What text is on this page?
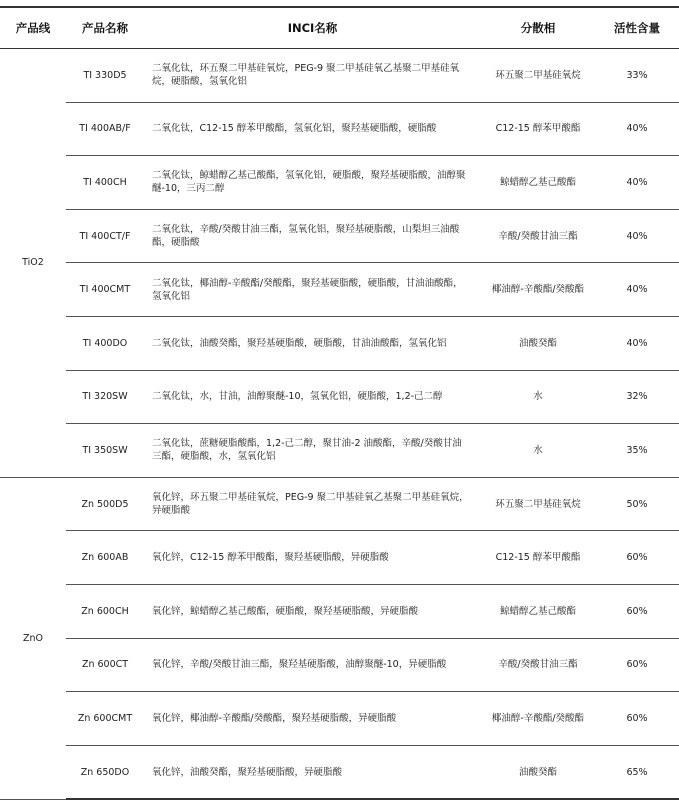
产品线	产品名称	INCI名称	分散相	活性含量
TiO2	TI 330D5	二氧化钛，环五聚二甲基硅氧烷，PEG-9 聚二甲基硅氧乙基聚二甲基硅氧烷，硬脂酸，氢氧化铝	环五聚二甲基硅氧烷	33%
	TI 400AB/F	二氧化钛，C12-15 醇苯甲酸酯，氢氧化铝，聚羟基硬脂酸，硬脂酸	C12-15 醇苯甲酸酯	40%
	TI 400CH	二氧化钛，鲸蜡醇乙基己酸酯，氢氧化铝，硬脂酸，聚羟基硬脂酸，油醇聚醚-10，三丙二醇	鲸蜡醇乙基己酸酯	40%
	TI 400CT/F	二氧化钛，辛酸/癸酸甘油三酯，氢氧化铝，聚羟基硬脂酸，山梨坦三油酸酯，硬脂酸	辛酸/癸酸甘油三酯	40%
	TI 400CMT	二氧化钛，椰油醇-辛酸酯/癸酸酯，聚羟基硬脂酸，硬脂酸，甘油油酸酯，氢氧化铝	椰油醇-辛酸酯/癸酸酯	40%
	TI 400DO	二氧化钛，油酸癸酯，聚羟基硬脂酸，硬脂酸，甘油油酸酯，氢氧化铝	油酸癸酯	40%
	TI 320SW	二氧化钛，水，甘油，油醇聚醚-10，氢氧化铝，硬脂酸，1,2-己二醇	水	32%
	TI 350SW	二氧化钛，蔗糖硬脂酸酯，1,2-己二醇，聚甘油-2 油酸酯，辛酸/癸酸甘油三酯，硬脂酸，水，氢氧化铝	水	35%
ZnO	Zn 500D5	氧化锌，环五聚二甲基硅氧烷，PEG-9 聚二甲基硅氧乙基聚二甲基硅氧烷，异硬脂酸	环五聚二甲基硅氧烷	50%
	Zn 600AB	氧化锌，C12-15 醇苯甲酸酯，聚羟基硬脂酸，异硬脂酸	C12-15 醇苯甲酸酯	60%
	Zn 600CH	氧化锌，鲸蜡醇乙基己酸酯，硬脂酸，聚羟基硬脂酸，异硬脂酸	鲸蜡醇乙基己酸酯	60%
	Zn 600CT	氧化锌，辛酸/癸酸甘油三酯，聚羟基硬脂酸，油醇聚醚-10，异硬脂酸	辛酸/癸酸甘油三酯	60%
	Zn 600CMT	氧化锌，椰油醇-辛酸酯/癸酸酯，聚羟基硬脂酸，异硬脂酸	椰油醇-辛酸酯/癸酸酯	60%
	Zn 650DO	氧化锌，油酸癸酯，聚羟基硬脂酸，异硬脂酸	油酸癸酯	65%
